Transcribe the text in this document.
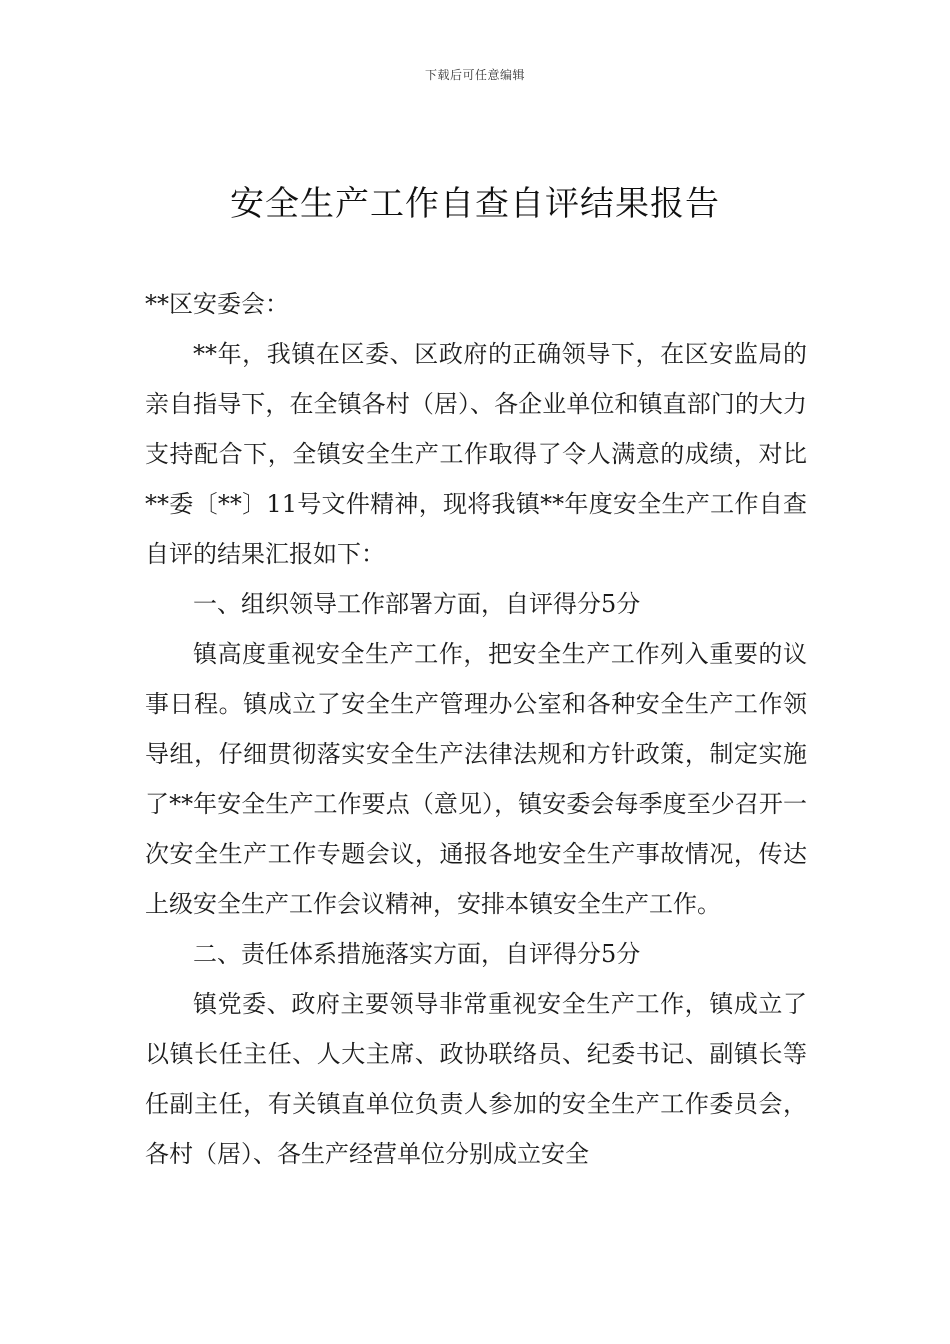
下载后可任意编辑
安全生产工作自查自评结果报告

**区安委会：

**年，我镇在区委、区政府的正确领导下，在区安监局的亲自指导下，在全镇各村（居）、各企业单位和镇直部门的大力支持配合下，全镇安全生产工作取得了令人满意的成绩，对比**委〔**〕11号文件精神，现将我镇**年度安全生产工作自查自评的结果汇报如下：

一、组织领导工作部署方面，自评得分5分

镇高度重视安全生产工作，把安全生产工作列入重要的议事日程。镇成立了安全生产管理办公室和各种安全生产工作领导组，仔细贯彻落实安全生产法律法规和方针政策，制定实施了**年安全生产工作要点（意见），镇安委会每季度至少召开一次安全生产工作专题会议，通报各地安全生产事故情况，传达上级安全生产工作会议精神，安排本镇安全生产工作。

二、责任体系措施落实方面，自评得分5分

镇党委、政府主要领导非常重视安全生产工作，镇成立了以镇长任主任、人大主席、政协联络员、纪委书记、副镇长等任副主任，有关镇直单位负责人参加的安全生产工作委员会，各村（居）、各生产经营单位分别成立安全
